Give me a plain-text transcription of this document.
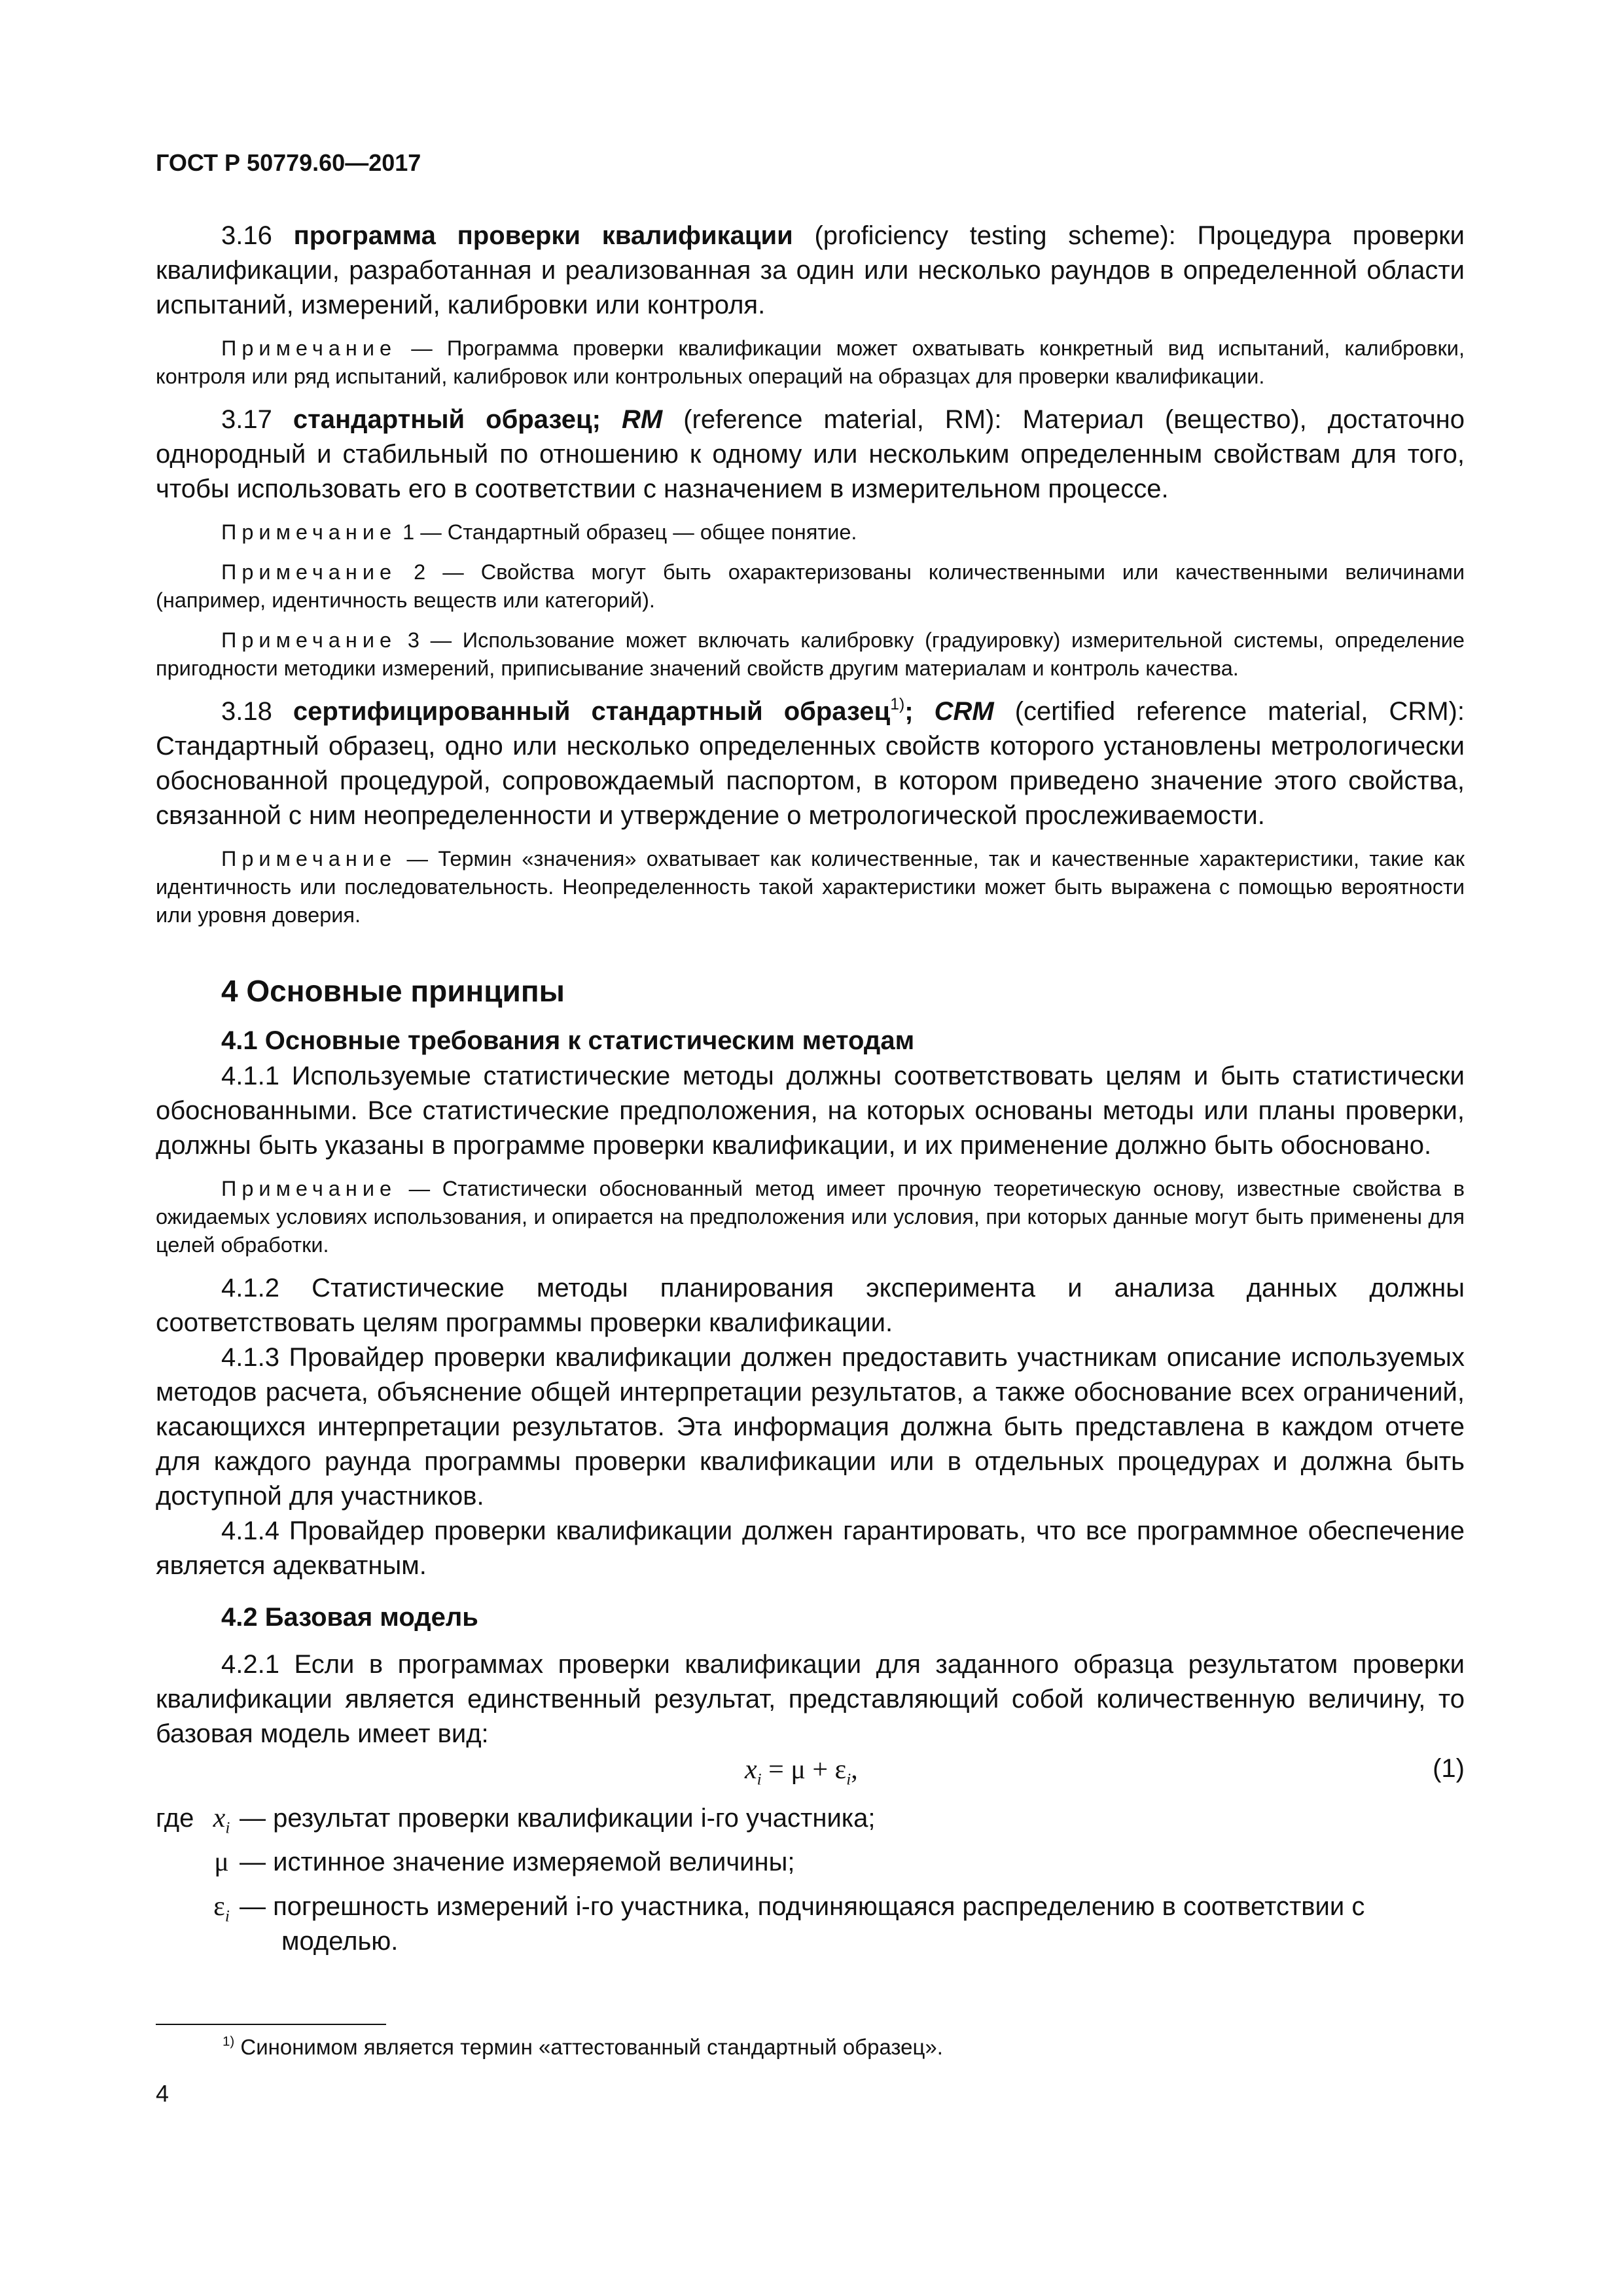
ГОСТ Р 50779.60—2017

3.16 программа проверки квалификации (proficiency testing scheme): Процедура проверки квалификации, разработанная и реализованная за один или несколько раундов в определенной области испытаний, измерений, калибровки или контроля.

Примечание — Программа проверки квалификации может охватывать конкретный вид испытаний, калибровки, контроля или ряд испытаний, калибровок или контрольных операций на образцах для проверки квалификации.

3.17 стандартный образец; RM (reference material, RM): Материал (вещество), достаточно однородный и стабильный по отношению к одному или нескольким определенным свойствам для того, чтобы использовать его в соответствии с назначением в измерительном процессе.

Примечание 1 — Стандартный образец — общее понятие.

Примечание 2 — Свойства могут быть охарактеризованы количественными или качественными величинами (например, идентичность веществ или категорий).

Примечание 3 — Использование может включать калибровку (градуировку) измерительной системы, определение пригодности методики измерений, приписывание значений свойств другим материалам и контроль качества.

3.18 сертифицированный стандартный образец$^{1)}$; CRM (certified reference material, CRM): Стандартный образец, одно или несколько определенных свойств которого установлены метрологически обоснованной процедурой, сопровождаемый паспортом, в котором приведено значение этого свойства, связанной с ним неопределенности и утверждение о метрологической прослеживаемости.

Примечание — Термин «значения» охватывает как количественные, так и качественные характеристики, такие как идентичность или последовательность. Неопределенность такой характеристики может быть выражена с помощью вероятности или уровня доверия.

4 Основные принципы
4.1 Основные требования к статистическим методам

4.1.1 Используемые статистические методы должны соответствовать целям и быть статистически обоснованными. Все статистические предположения, на которых основаны методы или планы проверки, должны быть указаны в программе проверки квалификации, и их применение должно быть обосновано.

Примечание — Статистически обоснованный метод имеет прочную теоретическую основу, известные свойства в ожидаемых условиях использования, и опирается на предположения или условия, при которых данные могут быть применены для целей обработки.

4.1.2 Статистические методы планирования эксперимента и анализа данных должны соответствовать целям программы проверки квалификации.

4.1.3 Провайдер проверки квалификации должен предоставить участникам описание используемых методов расчета, объяснение общей интерпретации результатов, а также обоснование всех ограничений, касающихся интерпретации результатов. Эта информация должна быть представлена в каждом отчете для каждого раунда программы проверки квалификации или в отдельных процедурах и должна быть доступной для участников.

4.1.4 Провайдер проверки квалификации должен гарантировать, что все программное обеспечение является адекватным.

4.2 Базовая модель

4.2.1 Если в программах проверки квалификации для заданного образца результатом проверки квалификации является единственный результат, представляющий собой количественную величину, то базовая модель имеет вид:

$x_i = \mu + \varepsilon_i$,	(1)
где $x_i$ — результат проверки квалификации i-го участника;
μ — истинное значение измеряемой величины;
$\varepsilon_i$ — погрешность измерений i-го участника, подчиняющаяся распределению в соответствии с моделью.
$^{1)}$ Синонимом является термин «аттестованный стандартный образец».
4
